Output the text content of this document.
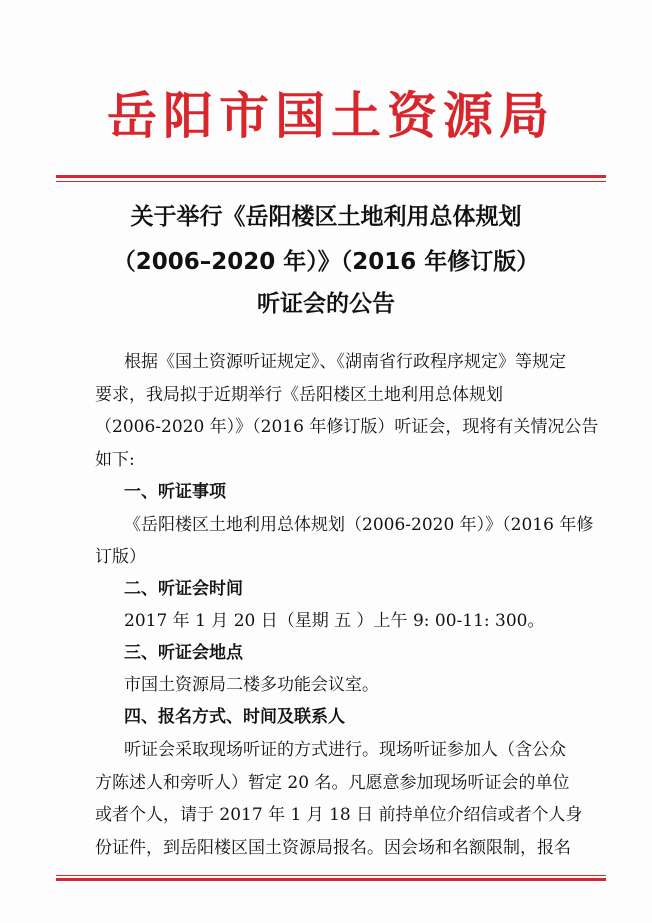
岳阳市国土资源局
关于举行《岳阳楼区土地利用总体规划
（2006–2020 年）》（2016 年修订版）
听证会的公告
根据《国土资源听证规定》、《湖南省行政程序规定》等规定
要求，我局拟于近期举行《岳阳楼区土地利用总体规划
（2006-2020 年）》（2016 年修订版）听证会，现将有关情况公告
如下:
一、听证事项
《岳阳楼区土地利用总体规划（2006-2020 年）》（2016 年修
订版）
二、听证会时间
2017 年 1 月 20 日（星期 五 ）上午 9: 00-11: 300。
三、听证会地点
市国土资源局二楼多功能会议室。
四、报名方式、时间及联系人
听证会采取现场听证的方式进行。现场听证参加人（含公众
方陈述人和旁听人）暂定 20 名。凡愿意参加现场听证会的单位
或者个人，请于 2017 年 1 月 18 日 前持单位介绍信或者个人身
份证件，到岳阳楼区国土资源局报名。因会场和名额限制，报名
